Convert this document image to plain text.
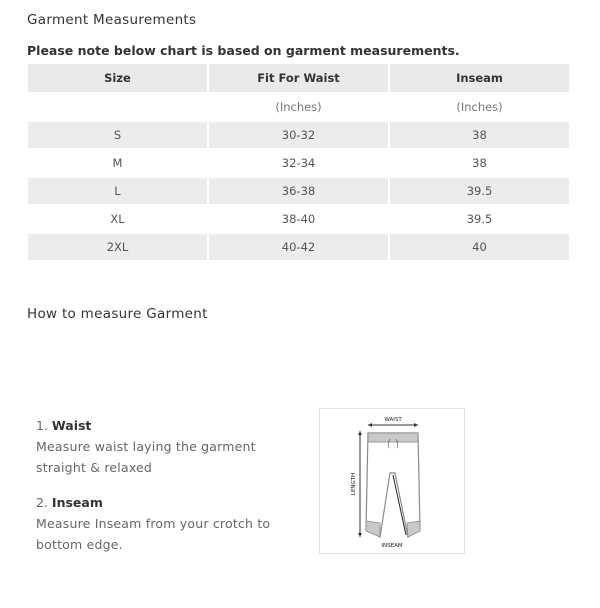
Garment Measurements
Please note below chart is based on garment measurements.
Size	Fit For Waist	Inseam
	(Inches)	(Inches)
S	30-32	38
M	32-34	38
L	36-38	39.5
XL	38-40	39.5
2XL	40-42	40
How to measure Garment
1. Waist
Measure waist laying the garment straight & relaxed
2. Inseam
Measure Inseam from your crotch to bottom edge.
WAIST
LENGTH
INSEAM
